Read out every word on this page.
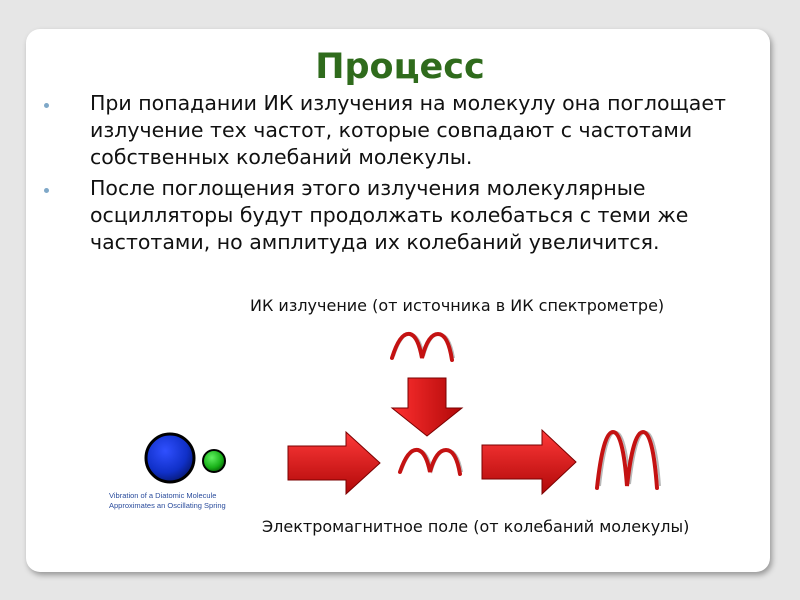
Процесс
При попадании ИК излучения на молекулу она поглощает излучение тех частот, которые совпадают с частотами собственных колебаний молекулы.
После поглощения этого излучения молекулярные осцилляторы будут продолжать колебаться с теми же частотами, но амплитуда их колебаний увеличится.
ИК излучение (от источника в ИК спектрометре)
Vibration of a Diatomic Molecule
Approximates an Oscillating Spring
Электромагнитное поле (от колебаний молекулы)
